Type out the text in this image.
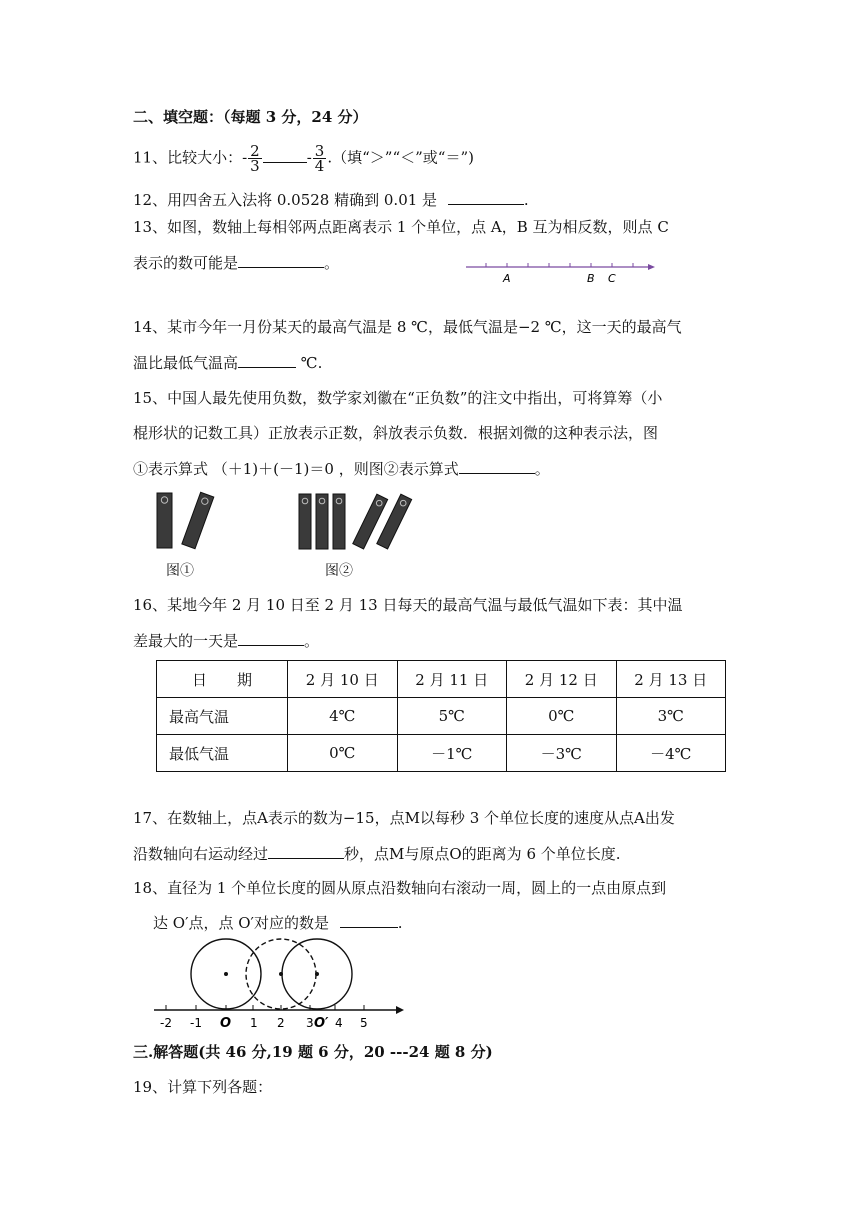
二、填空题：（每题 3 分，24 分）
11、比较大小：- $\frac{2}{3}$	- $\frac{3}{4}$ .（填“＞”“＜”或“＝”)
12、用四舍五入法将 0.0528 精确到 0.01 是	.
13、如图，数轴上每相邻两点距离表示 1 个单位，点 A，B 互为相反数，则点 C
表示的数可能是	。
A	B C
14、某市今年一月份某天的最高气温是 8 ℃，最低气温是−2 ℃，这一天的最高气
温比最低气温高	℃.
15、中国人最先使用负数，数学家刘徽在“正负数”的注文中指出，可将算筹（小
棍形状的记数工具）正放表示正数，斜放表示负数．根据刘微的这种表示法，图
①表示算式 （＋1)＋(－1)＝0 ，则图②表示算式	。
图①	图②
16、某地今年 2 月 10 日至 2 月 13 日每天的最高气温与最低气温如下表：其中温
差最大的一天是	。
日　　期	2 月 10 日	2 月 11 日	2 月 12 日	2 月 13 日
最高气温	4℃	5℃	0℃	3℃
最低气温	0℃	－1℃	－3℃	－4℃
17、在数轴上，点A表示的数为−15，点M以每秒 3 个单位长度的速度从点A出发
沿数轴向右运动经过	秒，点M与原点O的距离为 6 个单位长度.
18、直径为 1 个单位长度的圆从原点沿数轴向右滚动一周，圆上的一点由原点到
达 O′点，点 O′对应的数是	.
-2 -1 O 1 2 3 O′ 4 5
三.解答题(共 46 分,19 题 6 分，20 ---24 题 8 分)
19、计算下列各题：
